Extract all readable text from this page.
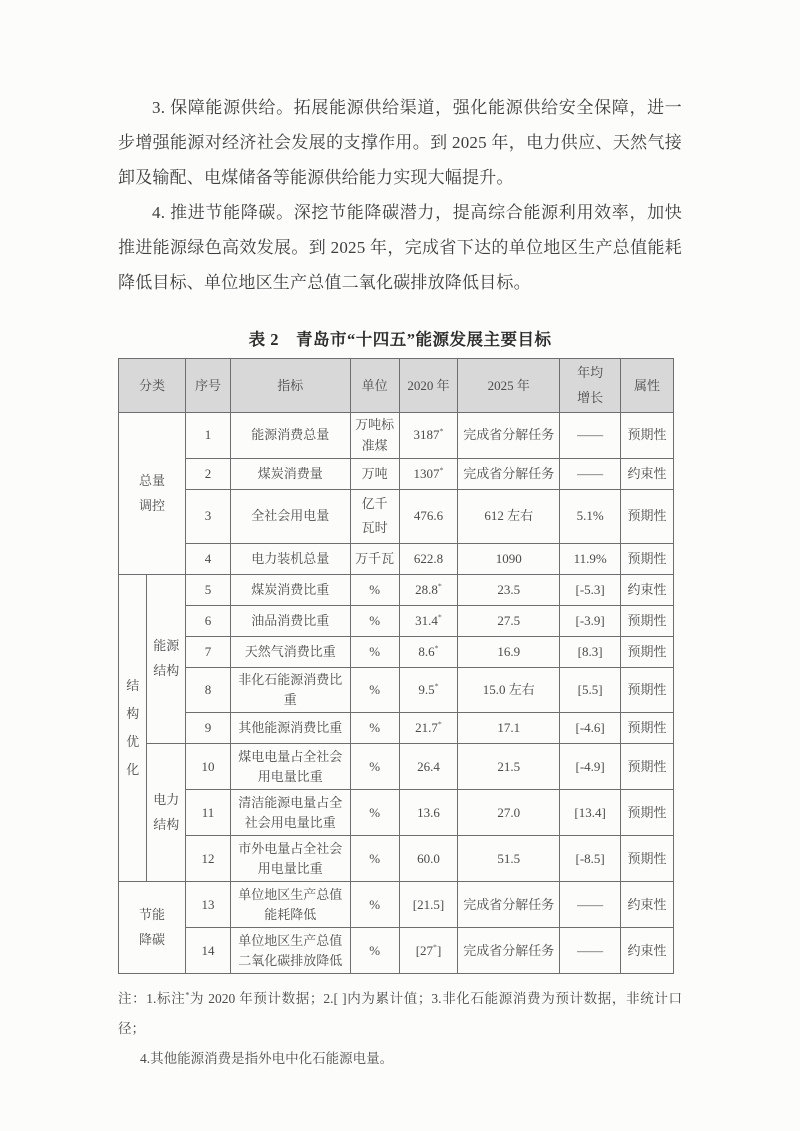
3. 保障能源供给。拓展能源供给渠道，强化能源供给安全保障，进一步增强能源对经济社会发展的支撑作用。到 2025 年，电力供应、天然气接卸及输配、电煤储备等能源供给能力实现大幅提升。

4. 推进节能降碳。深挖节能降碳潜力，提高综合能源利用效率，加快推进能源绿色高效发展。到 2025 年，完成省下达的单位地区生产总值能耗降低目标、单位地区生产总值二氧化碳排放降低目标。

表 2　青岛市“十四五”能源发展主要目标
分类		序号	指标	单位	2020 年	2025 年	年均增长	属性
总量调控		1	能源消费总量	万吨标准煤	3187*	完成省分解任务	——	预期性
		2	煤炭消费量	万吨	1307*	完成省分解任务	——	约束性
		3	全社会用电量	亿千瓦时	476.6	612 左右	5.1%	预期性
		4	电力装机总量	万千瓦	622.8	1090	11.9%	预期性
结构优化	能源结构	5	煤炭消费比重	%	28.8*	23.5	[-5.3]	约束性
		6	油品消费比重	%	31.4*	27.5	[-3.9]	预期性
		7	天然气消费比重	%	8.6*	16.9	[8.3]	预期性
		8	非化石能源消费比重	%	9.5*	15.0 左右	[5.5]	预期性
		9	其他能源消费比重	%	21.7*	17.1	[-4.6]	预期性
	电力结构	10	煤电电量占全社会用电量比重	%	26.4	21.5	[-4.9]	预期性
		11	清洁能源电量占全社会用电量比重	%	13.6	27.0	[13.4]	预期性
		12	市外电量占全社会用电量比重	%	60.0	51.5	[-8.5]	预期性
节能降碳		13	单位地区生产总值能耗降低	%	[21.5]	完成省分解任务	——	约束性
		14	单位地区生产总值二氧化碳排放降低	%	[27*]	完成省分解任务	——	约束性
注：1.标注*为 2020 年预计数据；2.[ ]内为累计值；3.非化石能源消费为预计数据，非统计口径；
4.其他能源消费是指外电中化石能源电量。
